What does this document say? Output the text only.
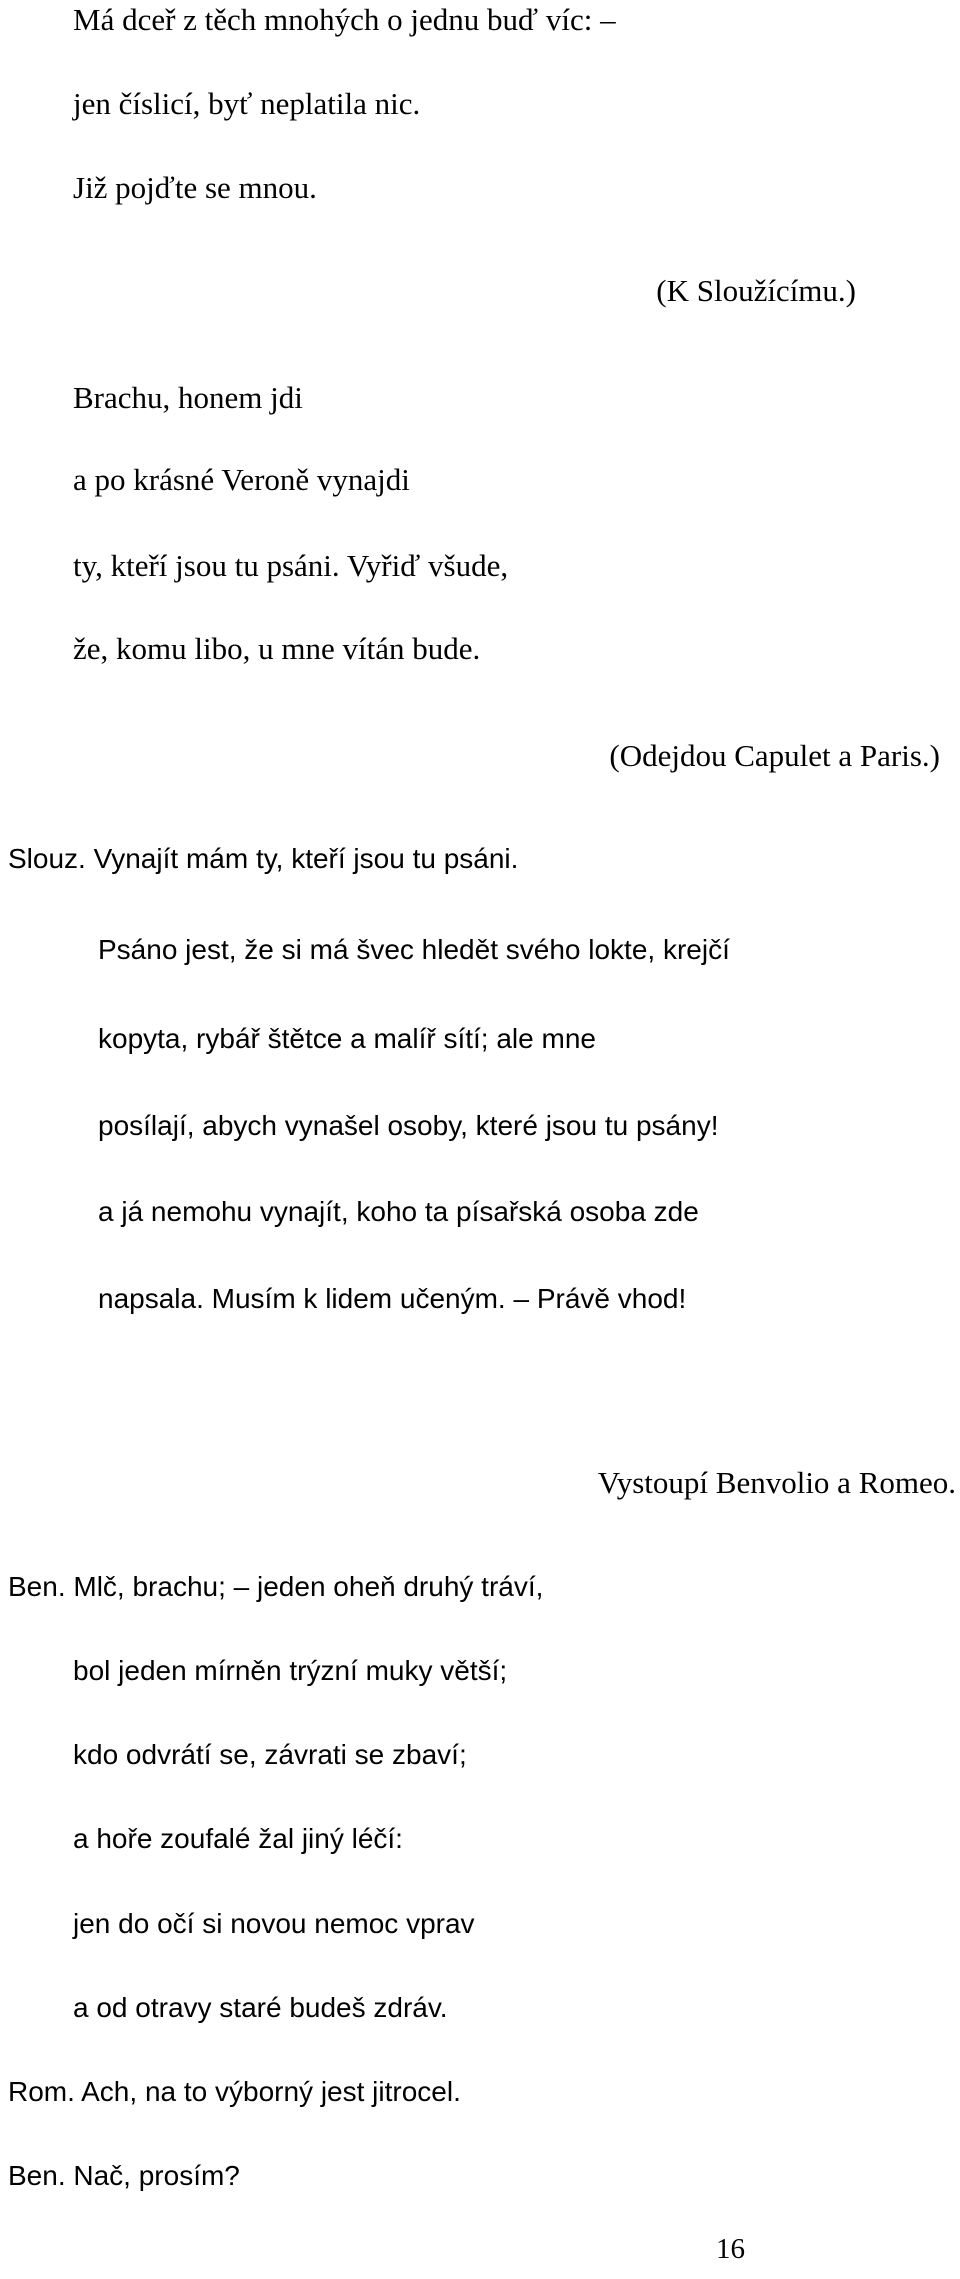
Má dceř z těch mnohých o jednu buď víc: –

jen číslicí, byť neplatila nic.

Již pojďte se mnou.

(K Sloužícímu.)

Brachu, honem jdi

a po krásné Veroně vynajdi

ty, kteří jsou tu psáni. Vyřiď všude,

že, komu libo, u mne vítán bude.

(Odejdou Capulet a Paris.)

Slouz. Vynajít mám ty, kteří jsou tu psáni.

Psáno jest, že si má švec hledět svého lokte, krejčí

kopyta, rybář štětce a malíř sítí; ale mne

posílají, abych vynašel osoby, které jsou tu psány!

a já nemohu vynajít, koho ta písařská osoba zde

napsala. Musím k lidem učeným. – Právě vhod!

Vystoupí Benvolio a Romeo.

Ben. Mlč, brachu; – jeden oheň druhý tráví,

bol jeden mírněn trýzní muky větší;

kdo odvrátí se, závrati se zbaví;

a hoře zoufalé žal jiný léčí:

jen do očí si novou nemoc vprav

a od otravy staré budeš zdráv.

Rom. Ach, na to výborný jest jitrocel.

Ben. Nač, prosím?

16
